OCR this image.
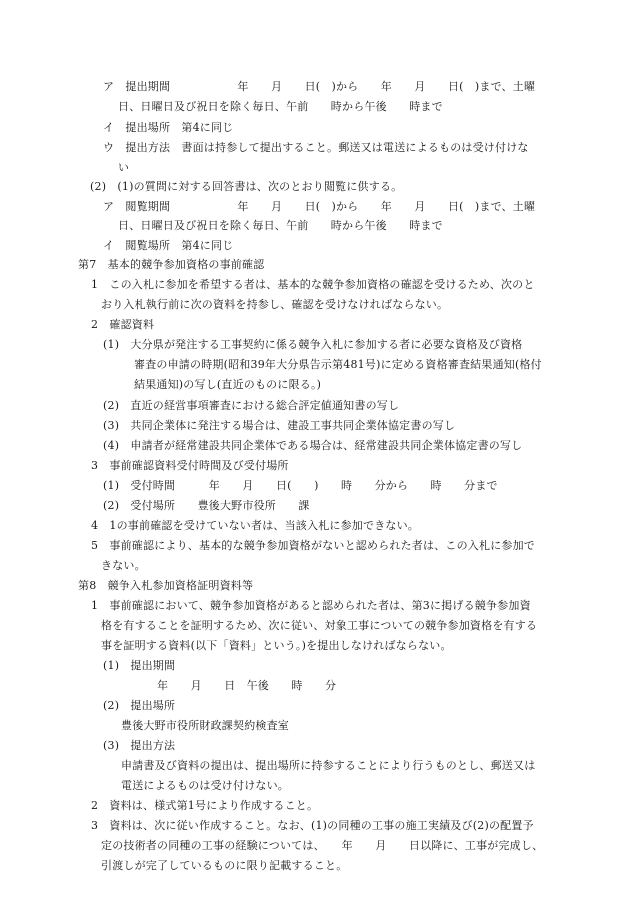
ア　提出期間　　　　　　年　　月　　日(　)から　　年　　月　　日(　)まで、土曜
日、日曜日及び祝日を除く毎日、午前　　時から午後　　時まで
イ　提出場所　第4に同じ
ウ　提出方法　書面は持参して提出すること。郵送又は電送によるものは受け付けな
い
(2)　(1)の質問に対する回答書は、次のとおり閲覧に供する。
ア　閲覧期間　　　　　　年　　月　　日(　)から　　年　　月　　日(　)まで、土曜
日、日曜日及び祝日を除く毎日、午前　　時から午後　　時まで
イ　閲覧場所　第4に同じ
第7　基本的競争参加資格の事前確認
1　この入札に参加を希望する者は、基本的な競争参加資格の確認を受けるため、次のと
おり入札執行前に次の資料を持参し、確認を受けなければならない。
2　確認資料
(1)　大分県が発注する工事契約に係る競争入札に参加する者に必要な資格及び資格
審査の申請の時期(昭和39年大分県告示第481号)に定める資格審査結果通知(格付
結果通知)の写し(直近のものに限る。)
(2)　直近の経営事項審査における総合評定値通知書の写し
(3)　共同企業体に発注する場合は、建設工事共同企業体協定書の写し
(4)　申請者が経常建設共同企業体である場合は、経常建設共同企業体協定書の写し
3　事前確認資料受付時間及び受付場所
(1)　受付時間　　　年　　月　　日(　　)　　時　　分から　　時　　分まで
(2)　受付場所　　豊後大野市役所　　課
4　1の事前確認を受けていない者は、当該入札に参加できない。
5　事前確認により、基本的な競争参加資格がないと認められた者は、この入札に参加で
きない。
第8　競争入札参加資格証明資料等
1　事前確認において、競争参加資格があると認められた者は、第3に掲げる競争参加資
格を有することを証明するため、次に従い、対象工事についての競争参加資格を有する
事を証明する資料(以下「資料」という。)を提出しなければならない。
(1)　提出期間
年　　月　　日　午後　　時　　分
(2)　提出場所
豊後大野市役所財政課契約検査室
(3)　提出方法
申請書及び資料の提出は、提出場所に持参することにより行うものとし、郵送又は
電送によるものは受け付けない。
2　資料は、様式第1号により作成すること。
3　資料は、次に従い作成すること。なお、(1)の同種の工事の施工実績及び(2)の配置予
定の技術者の同種の工事の経験については、　　年　　月　　日以降に、工事が完成し、
引渡しが完了しているものに限り記載すること。
